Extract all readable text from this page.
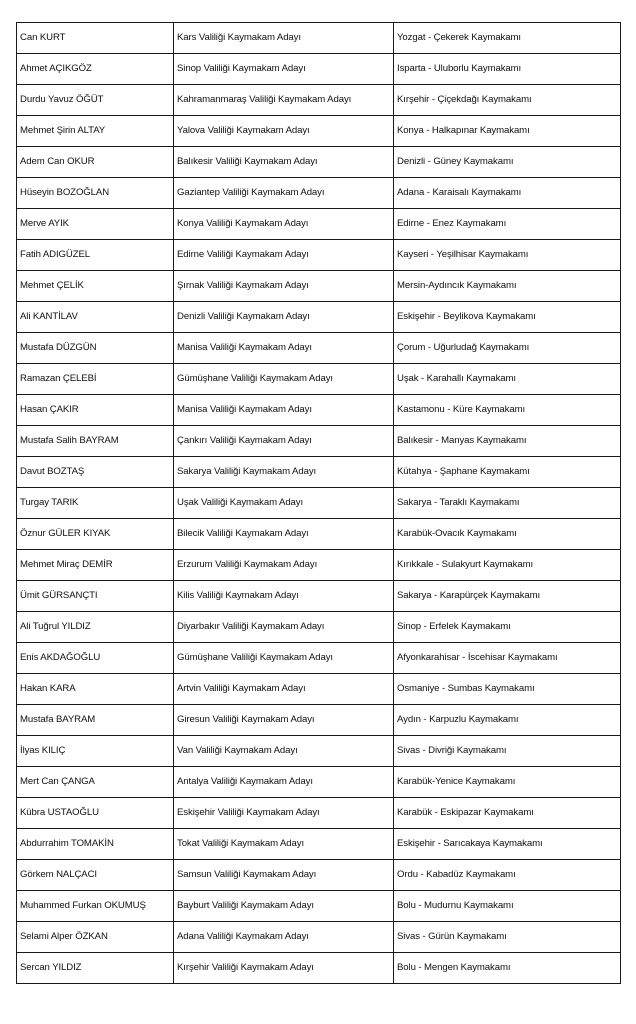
Can KURT	Kars Valiliği Kaymakam Adayı	Yozgat - Çekerek Kaymakamı
Ahmet AÇIKGÖZ	Sinop Valiliği Kaymakam Adayı	Isparta - Uluborlu Kaymakamı
Durdu Yavuz ÖĞÜT	Kahramanmaraş Valiliği Kaymakam Adayı	Kırşehir - Çiçekdağı Kaymakamı
Mehmet Şirin ALTAY	Yalova Valiliği Kaymakam Adayı	Konya - Halkapınar Kaymakamı
Adem Can OKUR	Balıkesir Valiliği Kaymakam Adayı	Denizli - Güney Kaymakamı
Hüseyin BOZOĞLAN	Gaziantep Valiliği Kaymakam Adayı	Adana - Karaisalı Kaymakamı
Merve AYIK	Konya Valiliği Kaymakam Adayı	Edirne - Enez Kaymakamı
Fatih ADIGÜZEL	Edirne Valiliği Kaymakam Adayı	Kayseri - Yeşilhisar Kaymakamı
Mehmet ÇELİK	Şırnak Valiliği Kaymakam Adayı	Mersin-Aydıncık Kaymakamı
Ali KANTİLAV	Denizli Valiliği Kaymakam Adayı	Eskişehir - Beylikova Kaymakamı
Mustafa DÜZGÜN	Manisa Valiliği Kaymakam Adayı	Çorum - Uğurludağ Kaymakamı
Ramazan ÇELEBİ	Gümüşhane Valiliği Kaymakam Adayı	Uşak - Karahallı Kaymakamı
Hasan ÇAKIR	Manisa Valiliği Kaymakam Adayı	Kastamonu - Küre Kaymakamı
Mustafa Salih BAYRAM	Çankırı Valiliği Kaymakam Adayı	Balıkesir - Manyas Kaymakamı
Davut BOZTAŞ	Sakarya Valiliği Kaymakam Adayı	Kütahya - Şaphane Kaymakamı
Turgay TARIK	Uşak Valiliği Kaymakam Adayı	Sakarya - Taraklı Kaymakamı
Öznur GÜLER KIYAK	Bilecik Valiliği Kaymakam Adayı	Karabük-Ovacık Kaymakamı
Mehmet Miraç DEMİR	Erzurum Valiliği Kaymakam Adayı	Kırıkkale - Sulakyurt Kaymakamı
Ümit GÜRSANÇTI	Kilis Valiliği Kaymakam Adayı	Sakarya - Karapürçek Kaymakamı
Ali Tuğrul YILDIZ	Diyarbakır Valiliği Kaymakam Adayı	Sinop - Erfelek Kaymakamı
Enis AKDAĞOĞLU	Gümüşhane Valiliği Kaymakam Adayı	Afyonkarahisar - İscehisar Kaymakamı
Hakan KARA	Artvin Valiliği Kaymakam Adayı	Osmaniye - Sumbas Kaymakamı
Mustafa BAYRAM	Giresun Valiliği Kaymakam Adayı	Aydın - Karpuzlu Kaymakamı
İlyas KILIÇ	Van Valiliği Kaymakam Adayı	Sivas - Divriği Kaymakamı
Mert Can ÇANGA	Antalya Valiliği Kaymakam Adayı	Karabük-Yenice Kaymakamı
Kübra USTAOĞLU	Eskişehir Valiliği Kaymakam Adayı	Karabük - Eskipazar Kaymakamı
Abdurrahim TOMAKİN	Tokat Valiliği Kaymakam Adayı	Eskişehir - Sarıcakaya Kaymakamı
Görkem NALÇACI	Samsun Valiliği Kaymakam Adayı	Ordu - Kabadüz Kaymakamı
Muhammed Furkan OKUMUŞ	Bayburt Valiliği Kaymakam Adayı	Bolu - Mudurnu Kaymakamı
Selami Alper ÖZKAN	Adana Valiliği Kaymakam Adayı	Sivas - Gürün Kaymakamı
Sercan YILDIZ	Kırşehir Valiliği Kaymakam Adayı	Bolu - Mengen Kaymakamı
